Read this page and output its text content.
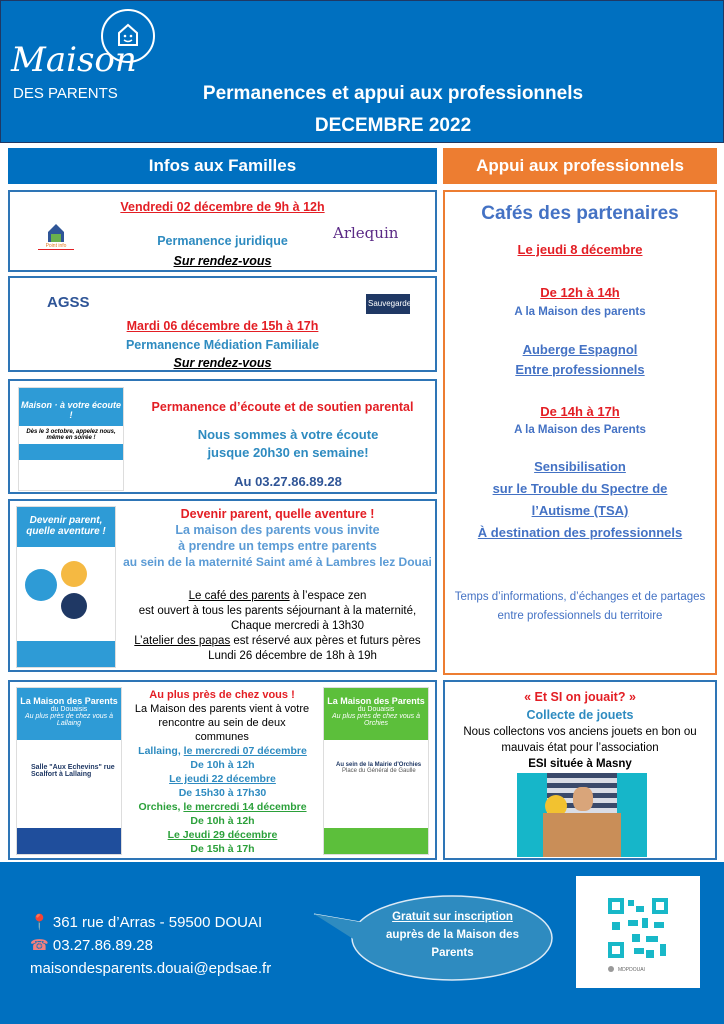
Maison
DES PARENTS	Permanences et appui aux professionnels
DECEMBRE 2022
Infos aux Familles	Appui aux professionnels
Point info
Arlequin
Vendredi 02 décembre de 9h à 12h
Permanence juridique
Sur rendez-vous
AGSS	Sauvegarde
Mardi 06 décembre de 15h à 17h
Permanence Médiation Familiale
Sur rendez-vous
Maison · à votre écoute !
Dès le 3 octobre, appelez nous, même en soirée !
Permanence d’écoute et de soutien parental
Nous sommes à votre écoute
jusque 20h30 en semaine!
Au 03.27.86.89.28
Devenir parent, quelle aventure !
Devenir parent, quelle aventure !
La maison des parents vous invite
à prendre un temps entre parents
au sein de la maternité Saint amé à Lambres lez Douai
Le café des parents à l’espace zen
est ouvert à tous les parents séjournant à la maternité,
Chaque mercredi à 13h30
L’atelier des papas est réservé aux pères et futurs pères
Lundi 26 décembre de 18h à 19h
La Maison des Parents
du Douaisis
Au plus près de chez vous à Lallaing
Salle "Aux Echevins" rue Scalfort à Lallaing
La Maison des Parents
du Douaisis
Au plus près de chez vous à Orchies
Au sein de la Mairie d'Orchies
Place du Général de Gaulle
Au plus près de chez vous !
La Maison des parents vient à votre rencontre au sein de deux communes
Lallaing, le mercredi 07 décembre
De 10h à 12h
Le jeudi 22 décembre
De 15h30 à 17h30
Orchies, le mercredi 14 décembre
De 10h à 12h
Le Jeudi 29 décembre
De 15h à 17h
Cafés des partenaires
Le jeudi 8 décembre
De 12h à 14h
A la Maison des parents
Auberge Espagnol
Entre professionnels
De 14h à 17h
A la Maison des Parents
Sensibilisation
sur le Trouble du Spectre de
l’Autisme (TSA)
À destination des professionnels
Temps d’informations, d’échanges et de partages entre professionnels du territoire
« Et SI on jouait? »
Collecte de jouets
Nous collectons vos anciens jouets en bon ou mauvais état pour l’association
ESI située à Masny
📍 361 rue d’Arras - 59500 DOUAI
☎ 03.27.86.89.28
maisondesparents.douai@epdsae.fr
Gratuit sur inscription
auprès de la Maison des Parents
MDPDOUAI
